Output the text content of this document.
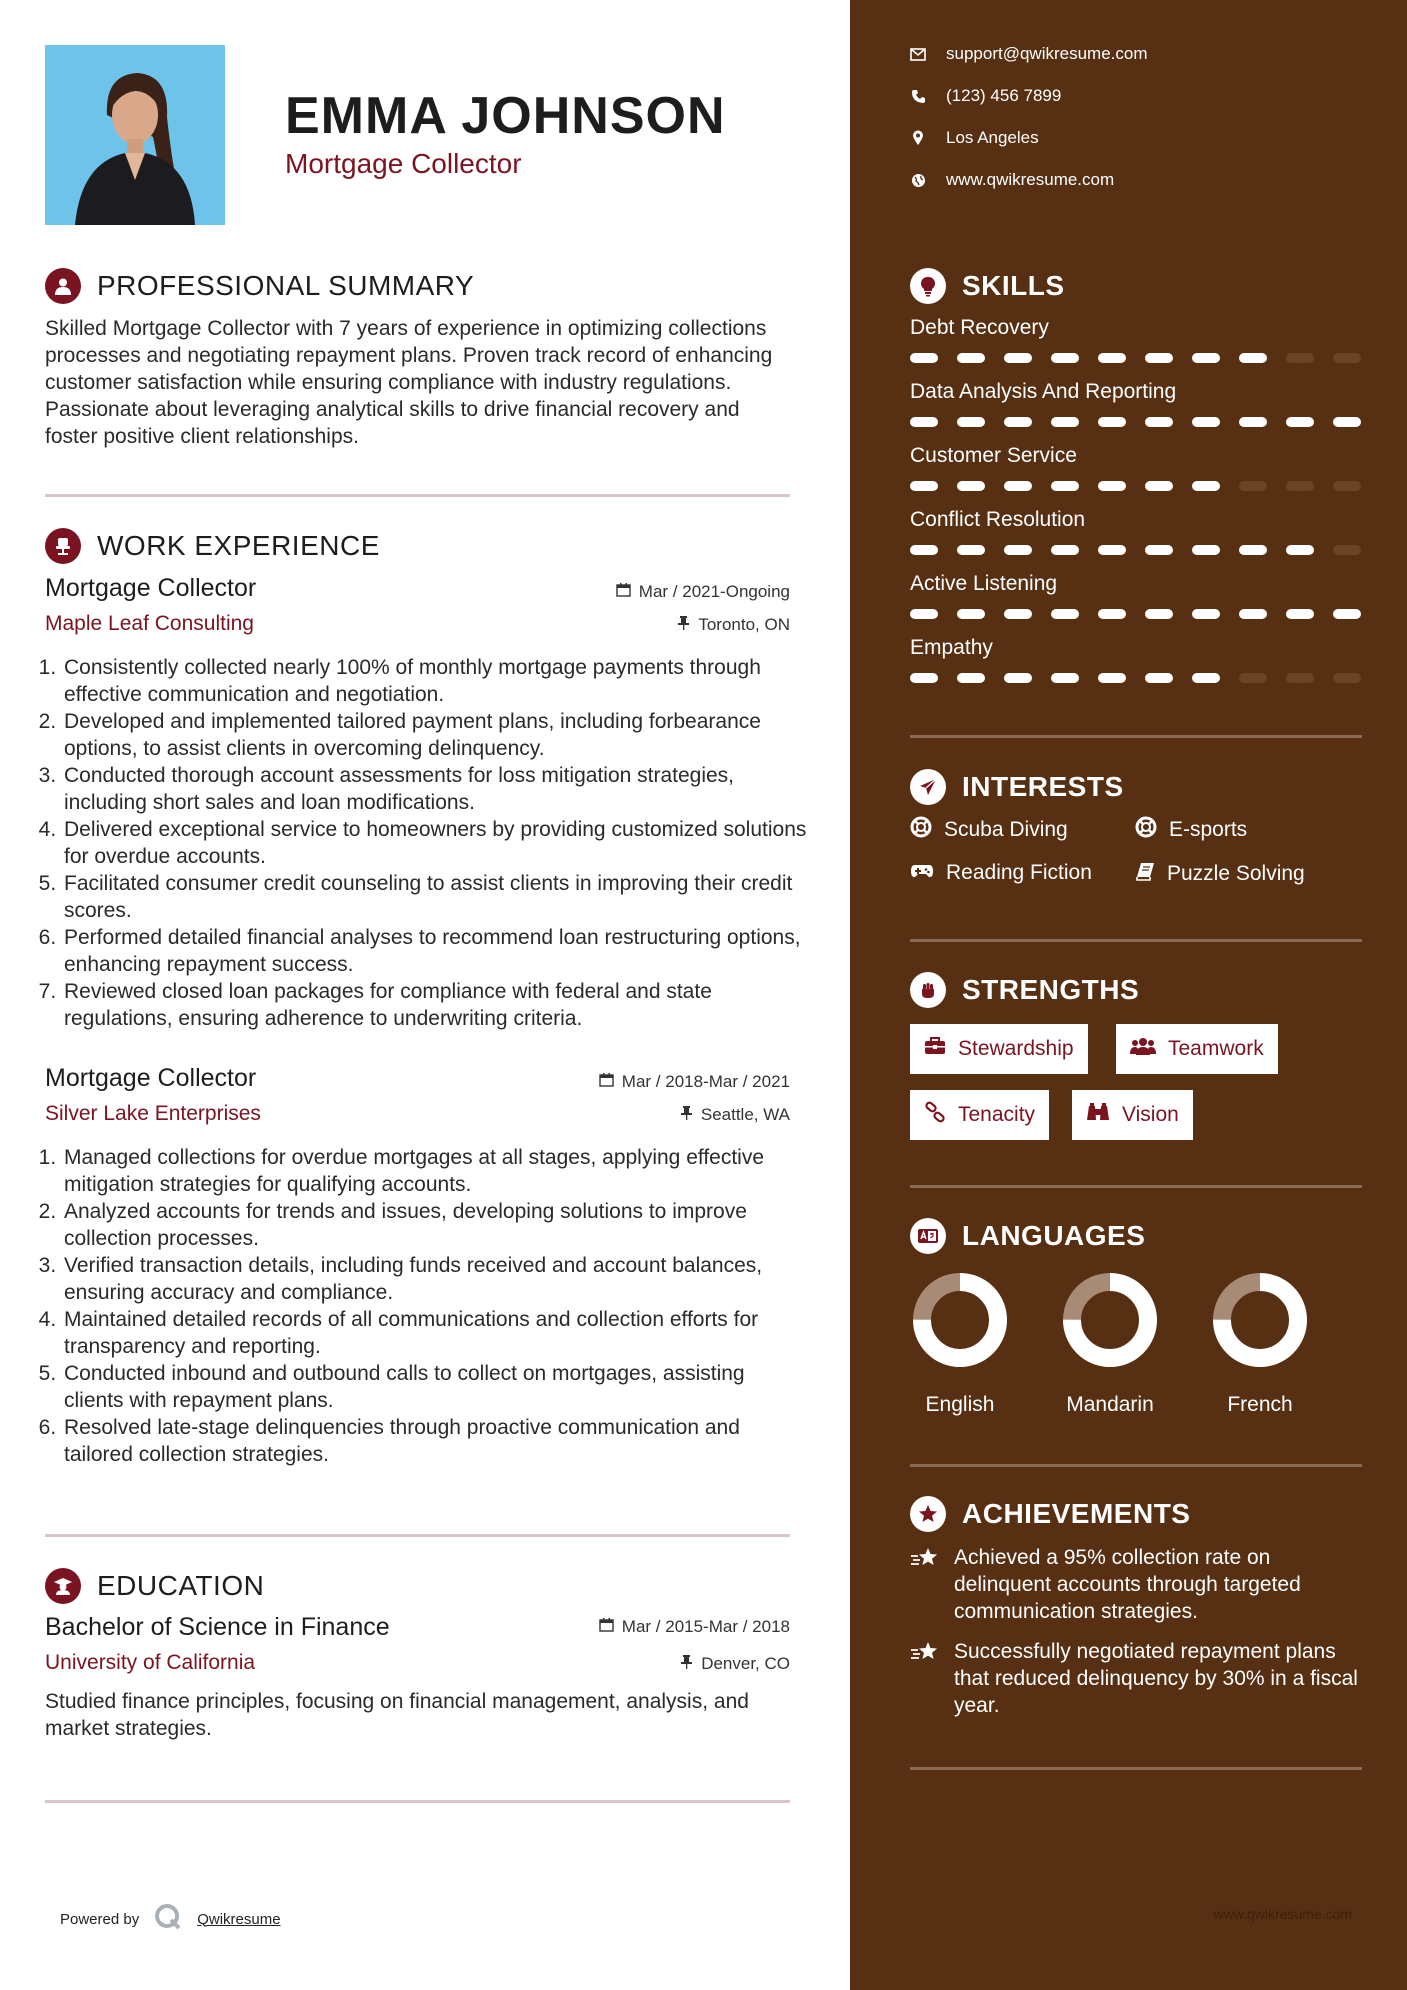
EMMA JOHNSON
Mortgage Collector
PROFESSIONAL SUMMARY
Skilled Mortgage Collector with 7 years of experience in optimizing collections processes and negotiating repayment plans. Proven track record of enhancing customer satisfaction while ensuring compliance with industry regulations. Passionate about leveraging analytical skills to drive financial recovery and foster positive client relationships.
WORK EXPERIENCE
Mortgage Collector	Mar / 2021-Ongoing
Maple Leaf Consulting	Toronto, ON
1. Consistently collected nearly 100% of monthly mortgage payments through effective communication and negotiation.
2. Developed and implemented tailored payment plans, including forbearance options, to assist clients in overcoming delinquency.
3. Conducted thorough account assessments for loss mitigation strategies, including short sales and loan modifications.
4. Delivered exceptional service to homeowners by providing customized solutions for overdue accounts.
5. Facilitated consumer credit counseling to assist clients in improving their credit scores.
6. Performed detailed financial analyses to recommend loan restructuring options, enhancing repayment success.
7. Reviewed closed loan packages for compliance with federal and state regulations, ensuring adherence to underwriting criteria.
Mortgage Collector	Mar / 2018-Mar / 2021
Silver Lake Enterprises	Seattle, WA
1. Managed collections for overdue mortgages at all stages, applying effective mitigation strategies for qualifying accounts.
2. Analyzed accounts for trends and issues, developing solutions to improve collection processes.
3. Verified transaction details, including funds received and account balances, ensuring accuracy and compliance.
4. Maintained detailed records of all communications and collection efforts for transparency and reporting.
5. Conducted inbound and outbound calls to collect on mortgages, assisting clients with repayment plans.
6. Resolved late-stage delinquencies through proactive communication and tailored collection strategies.
EDUCATION
Bachelor of Science in Finance	Mar / 2015-Mar / 2018
University of California	Denver, CO
Studied finance principles, focusing on financial management, analysis, and market strategies.
Powered by	Qwikresume
support@qwikresume.com
(123) 456 7899
Los Angeles
www.qwikresume.com
SKILLS
Debt Recovery
Data Analysis And Reporting
Customer Service
Conflict Resolution
Active Listening
Empathy
INTERESTS
Scuba Diving	E-sports
Reading Fiction	Puzzle Solving
STRENGTHS
Stewardship	Teamwork
Tenacity	Vision
LANGUAGES
English	Mandarin	French
ACHIEVEMENTS
Achieved a 95% collection rate on delinquent accounts through targeted communication strategies.
Successfully negotiated repayment plans that reduced delinquency by 30% in a fiscal year.
www.qwikresume.com
